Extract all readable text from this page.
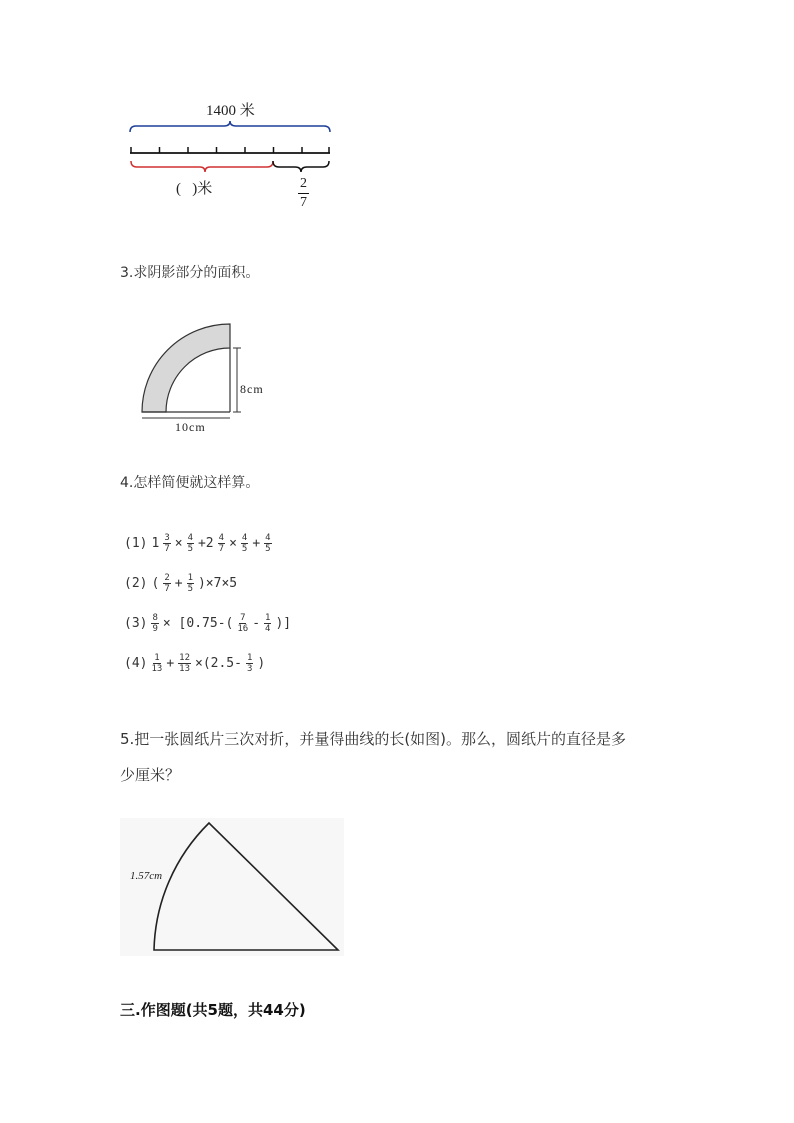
1400 米
(   )米	$\frac{2}{7}$
3.求阴影部分的面积。
8cm
10cm
4.怎样简便就这样算。
(1) $1 \frac{3}{7} \times \frac{4}{5} +2 \frac{4}{7} \times \frac{4}{5} + \frac{4}{5}$
(2) ( $\frac{2}{7} + \frac{1}{5} )\times 7\times 5$
$(3) \frac{8}{9} \times [0.75-( \frac{7}{16} - \frac{1}{4}$ )]
$(4) \frac{1}{13} + \frac{12}{13} \times(2.5- \frac{1}{3}$ )
5.把一张圆纸片三次对折，并量得曲线的长(如图)。那么，圆纸片的直径是多
少厘米？
1.57cm
三.作图题(共5题，共44分)
